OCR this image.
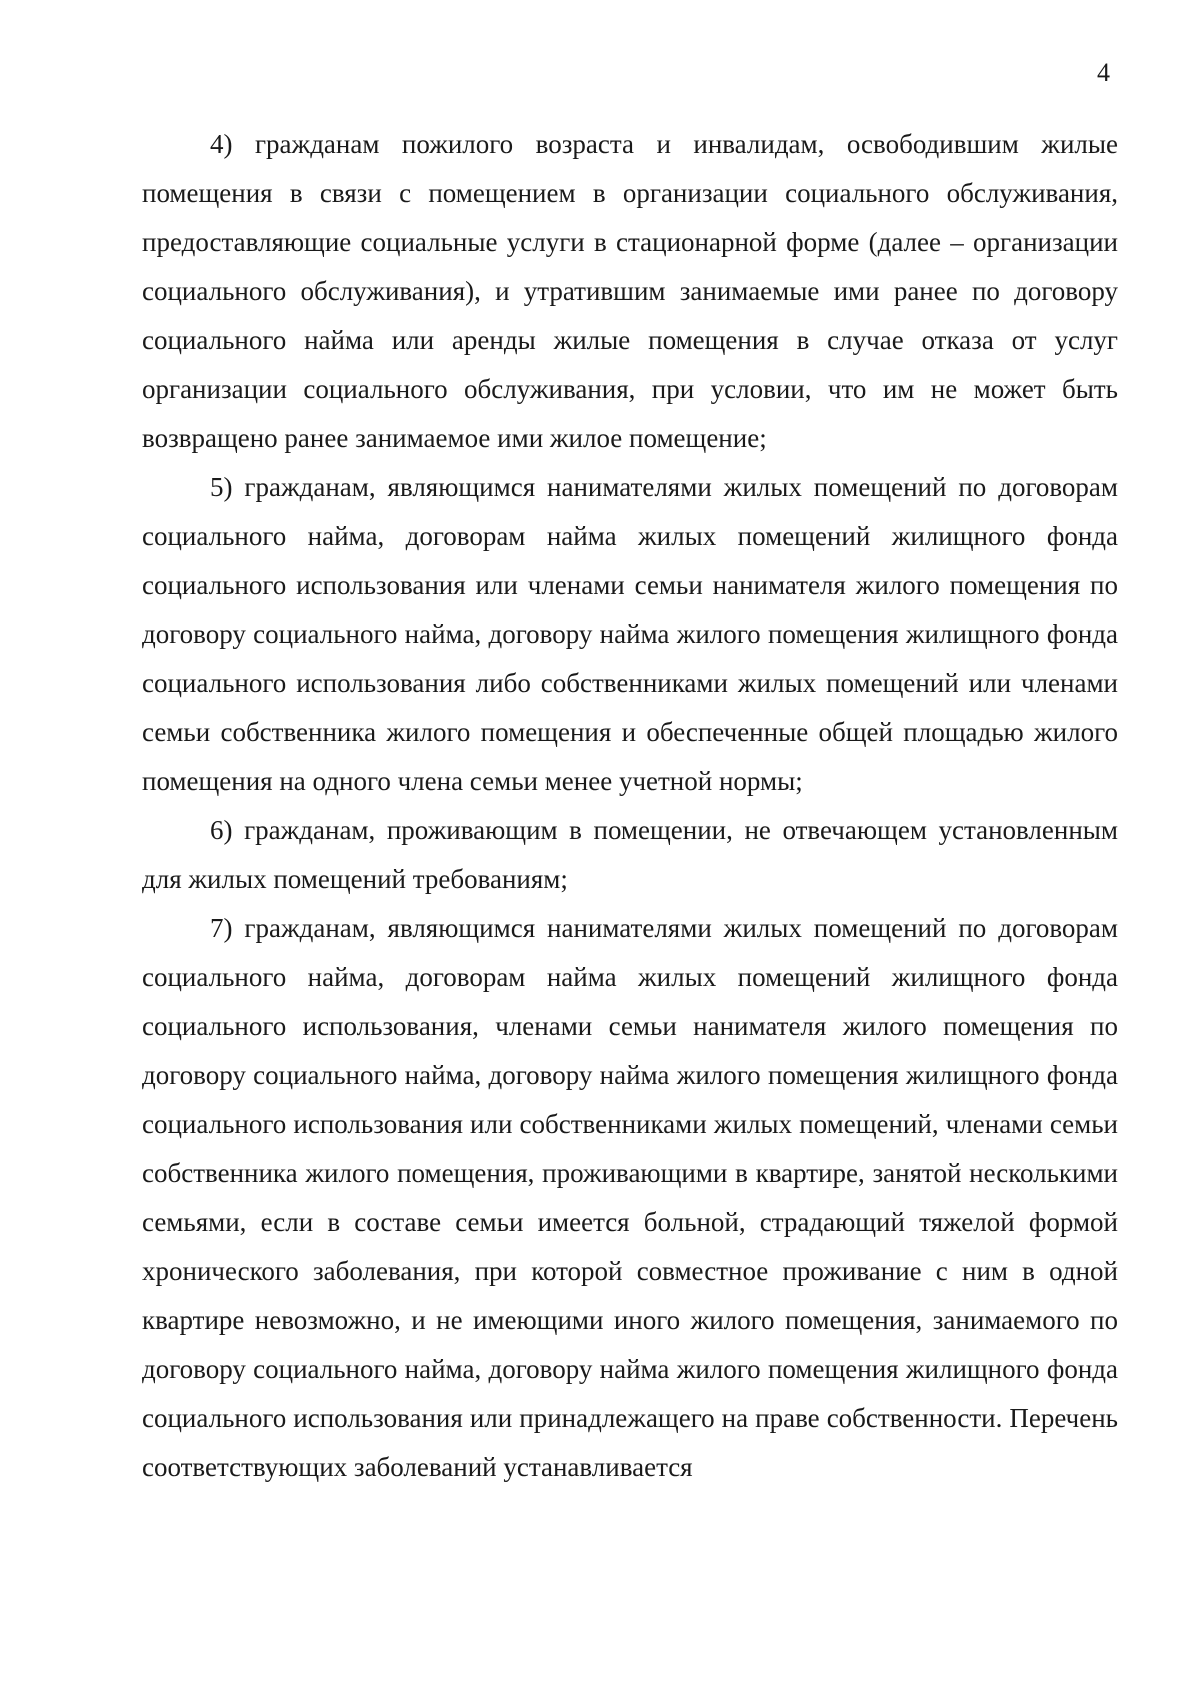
4

4) гражданам пожилого возраста и инвалидам, освободившим жилые помещения в связи с помещением в организации социального обслуживания, предоставляющие социальные услуги в стационарной форме (далее – организации социального обслуживания), и утратившим занимаемые ими ранее по договору социального найма или аренды жилые помещения в случае отказа от услуг организации социального обслуживания, при условии, что им не может быть возвращено ранее занимаемое ими жилое помещение;

5) гражданам, являющимся нанимателями жилых помещений по договорам социального найма, договорам найма жилых помещений жилищного фонда социального использования или членами семьи нанимателя жилого помещения по договору социального найма, договору найма жилого помещения жилищного фонда социального использования либо собственниками жилых помещений или членами семьи собственника жилого помещения и обеспеченные общей площадью жилого помещения на одного члена семьи менее учетной нормы;

6) гражданам, проживающим в помещении, не отвечающем установленным для жилых помещений требованиям;

7) гражданам, являющимся нанимателями жилых помещений по договорам социального найма, договорам найма жилых помещений жилищного фонда социального использования, членами семьи нанимателя жилого помещения по договору социального найма, договору найма жилого помещения жилищного фонда социального использования или собственниками жилых помещений, членами семьи собственника жилого помещения, проживающими в квартире, занятой несколькими семьями, если в составе семьи имеется больной, страдающий тяжелой формой хронического заболевания, при которой совместное проживание с ним в одной квартире невозможно, и не имеющими иного жилого помещения, занимаемого по договору социального найма, договору найма жилого помещения жилищного фонда социального использования или принадлежащего на праве собственности. Перечень соответствующих заболеваний устанавливается
